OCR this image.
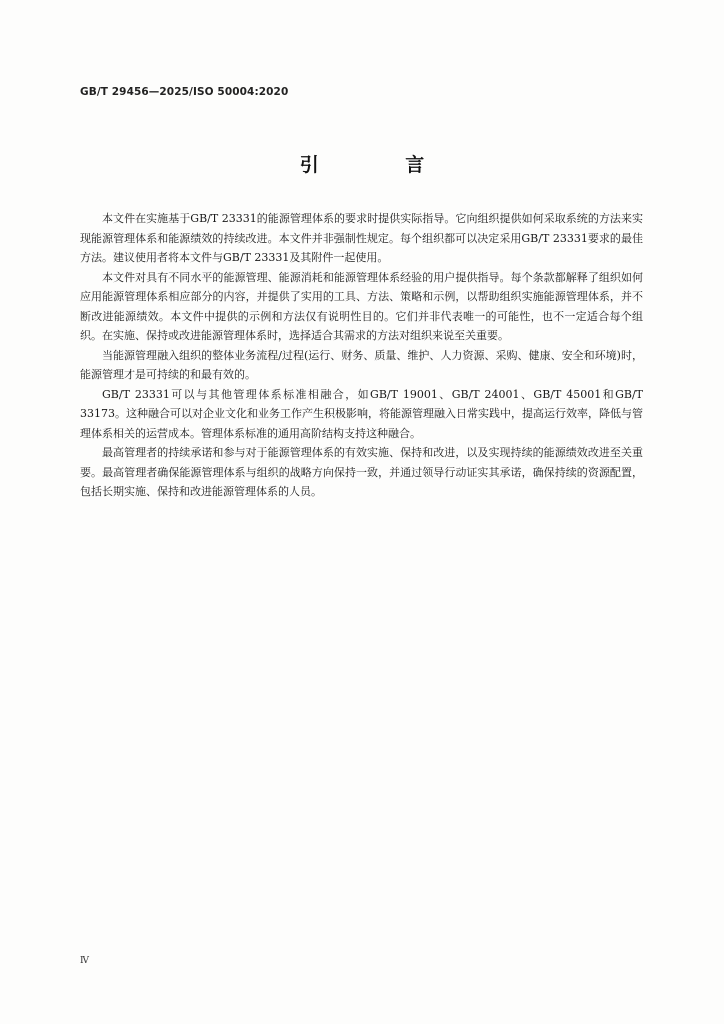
GB/T 29456—2025/ISO 50004:2020
引 言

本文件在实施基于GB/T 23331的能源管理体系的要求时提供实际指导。它向组织提供如何采取系统的方法来实现能源管理体系和能源绩效的持续改进。本文件并非强制性规定。每个组织都可以决定采用GB/T 23331要求的最佳方法。建议使用者将本文件与GB/T 23331及其附件一起使用。

本文件对具有不同水平的能源管理、能源消耗和能源管理体系经验的用户提供指导。每个条款都解释了组织如何应用能源管理体系相应部分的内容，并提供了实用的工具、方法、策略和示例，以帮助组织实施能源管理体系，并不断改进能源绩效。本文件中提供的示例和方法仅有说明性目的。它们并非代表唯一的可能性，也不一定适合每个组织。在实施、保持或改进能源管理体系时，选择适合其需求的方法对组织来说至关重要。

当能源管理融入组织的整体业务流程/过程(运行、财务、质量、维护、人力资源、采购、健康、安全和环境)时，能源管理才是可持续的和最有效的。

GB/T 23331可以与其他管理体系标准相融合，如GB/T 19001、GB/T 24001、GB/T 45001和GB/T 33173。这种融合可以对企业文化和业务工作产生积极影响，将能源管理融入日常实践中，提高运行效率，降低与管理体系相关的运营成本。管理体系标准的通用高阶结构支持这种融合。

最高管理者的持续承诺和参与对于能源管理体系的有效实施、保持和改进，以及实现持续的能源绩效改进至关重要。最高管理者确保能源管理体系与组织的战略方向保持一致，并通过领导行动证实其承诺，确保持续的资源配置，包括长期实施、保持和改进能源管理体系的人员。

Ⅳ
